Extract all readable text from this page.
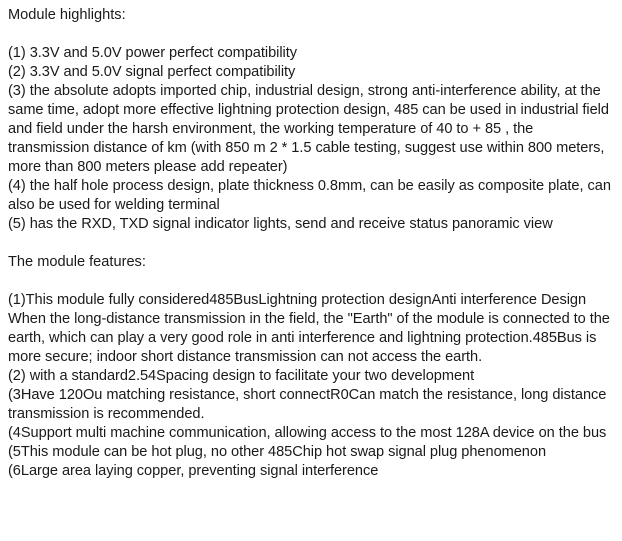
Module highlights:

(1) 3.3V and 5.0V power perfect compatibility

(2) 3.3V and 5.0V signal perfect compatibility

(3) the absolute adopts imported chip, industrial design, strong anti-interference ability, at the same time, adopt more effective lightning protection design, 485 can be used in industrial field and field under the harsh environment, the working temperature of 40 to + 85 , the transmission distance of km (with 850 m 2 * 1.5 cable testing, suggest use within 800 meters, more than 800 meters please add repeater)

(4) the half hole process design, plate thickness 0.8mm, can be easily as composite plate, can also be used for welding terminal

(5) has the RXD, TXD signal indicator lights, send and receive status panoramic view

The module features:

(1)This module fully considered485BusLightning protection designAnti interference Design When the long-distance transmission in the field, the "Earth" of the module is connected to the earth, which can play a very good role in anti interference and lightning protection.485Bus is more secure; indoor short distance transmission can not access the earth.

(2) with a standard2.54Spacing design to facilitate your two development

(3Have 120Ou matching resistance, short connectR0Can match the resistance, long distance transmission is recommended.

(4Support multi machine communication, allowing access to the most 128A device on the bus

(5This module can be hot plug, no other 485Chip hot swap signal plug phenomenon

(6Large area laying copper, preventing signal interference
